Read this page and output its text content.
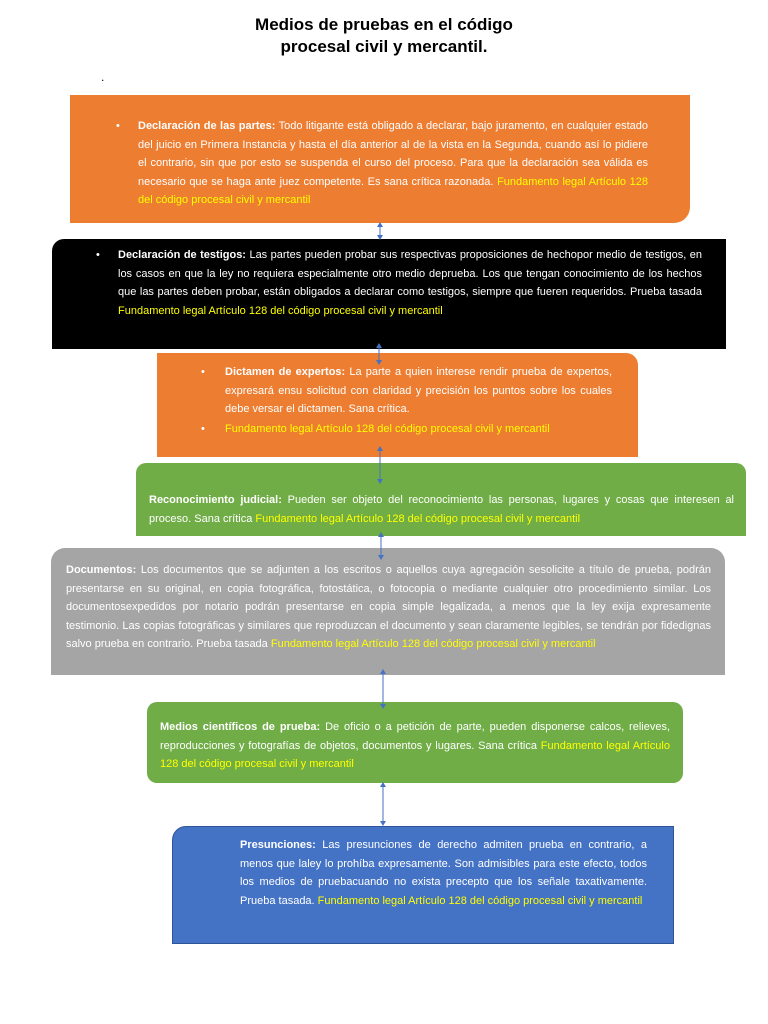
Medios de pruebas en el código
procesal civil y mercantil.
.
• Declaración de las partes: Todo litigante está obligado a declarar, bajo juramento, en cualquier estado del juicio en Primera Instancia y hasta el día anterior al de la vista en la Segunda, cuando así lo pidiere el contrario, sin que por esto se suspenda el curso del proceso. Para que la declaración sea válida es necesario que se haga ante juez competente. Es sana crítica razonada. Fundamento legal Artículo 128 del código procesal civil y mercantil
• Declaración de testigos: Las partes pueden probar sus respectivas proposiciones de hechopor medio de testigos, en los casos en que la ley no requiera especialmente otro medio deprueba. Los que tengan conocimiento de los hechos que las partes deben probar, están obligados a declarar como testigos, siempre que fueren requeridos. Prueba tasada Fundamento legal Artículo 128 del código procesal civil y mercantil
• Dictamen de expertos: La parte a quien interese rendir prueba de expertos, expresará ensu solicitud con claridad y precisión los puntos sobre los cuales debe versar el dictamen. Sana crítica.
• Fundamento legal Artículo 128 del código procesal civil y mercantil
Reconocimiento judicial: Pueden ser objeto del reconocimiento las personas, lugares y cosas que interesen al proceso. Sana crítica Fundamento legal Artículo 128 del código procesal civil y mercantil
Documentos: Los documentos que se adjunten a los escritos o aquellos cuya agregación sesolicite a título de prueba, podrán presentarse en su original, en copia fotográfica, fotostática, o fotocopia o mediante cualquier otro procedimiento similar. Los documentosexpedidos por notario podrán presentarse en copia simple legalizada, a menos que la ley exija expresamente testimonio. Las copias fotográficas y similares que reproduzcan el documento y sean claramente legibles, se tendrán por fidedignas salvo prueba en contrario. Prueba tasada Fundamento legal Artículo 128 del código procesal civil y mercantil
Medios científicos de prueba: De oficio o a petición de parte, pueden disponerse calcos, relieves, reproducciones y fotografías de objetos, documentos y lugares. Sana crítica Fundamento legal Artículo 128 del código procesal civil y mercantil
Presunciones: Las presunciones de derecho admiten prueba en contrario, a menos que laley lo prohíba expresamente. Son admisibles para este efecto, todos los medios de pruebacuando no exista precepto que los señale taxativamente. Prueba tasada. Fundamento legal Artículo 128 del código procesal civil y mercantil
